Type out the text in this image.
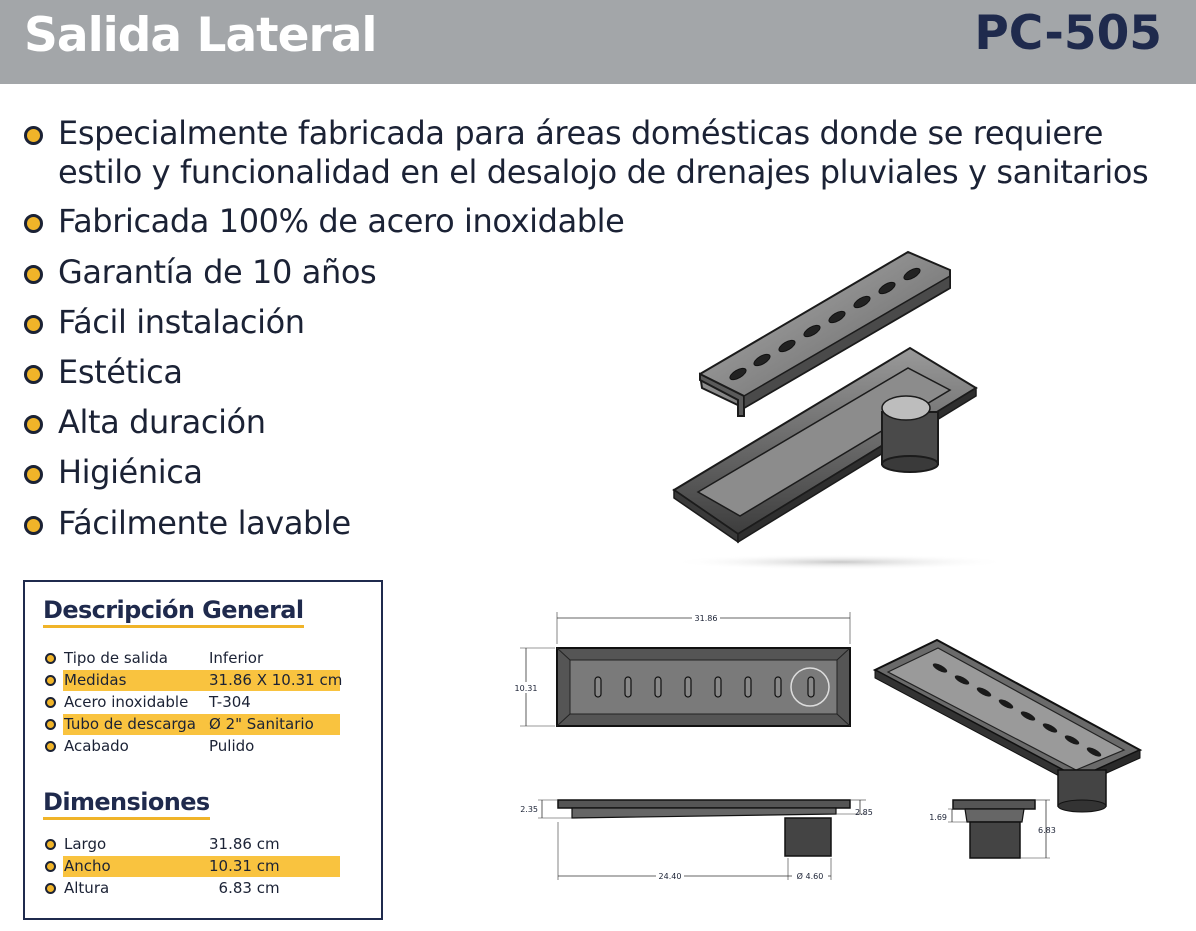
Salida Lateral	PC-505
Especialmente fabricada para áreas domésticas donde se requiere
estilo y funcionalidad en el desalojo de drenajes pluviales y sanitarios
Fabricada 100% de acero inoxidable
Garantía de 10 años
Fácil instalación
Estética
Alta duración
Higiénica
Fácilmente lavable
Descripción General
Tipo de salida	Inferior
Medidas	31.86 X 10.31 cm
Acero inoxidable T-304
Tubo de descarga Ø 2" Sanitario
Acabado	Pulido
Dimensiones
Largo	31.86 cm
Ancho	10.31 cm
Altura	6.83 cm
31.86
10.31
2.35	2.85
24.40	Ø 4.60
1.69
6.83
